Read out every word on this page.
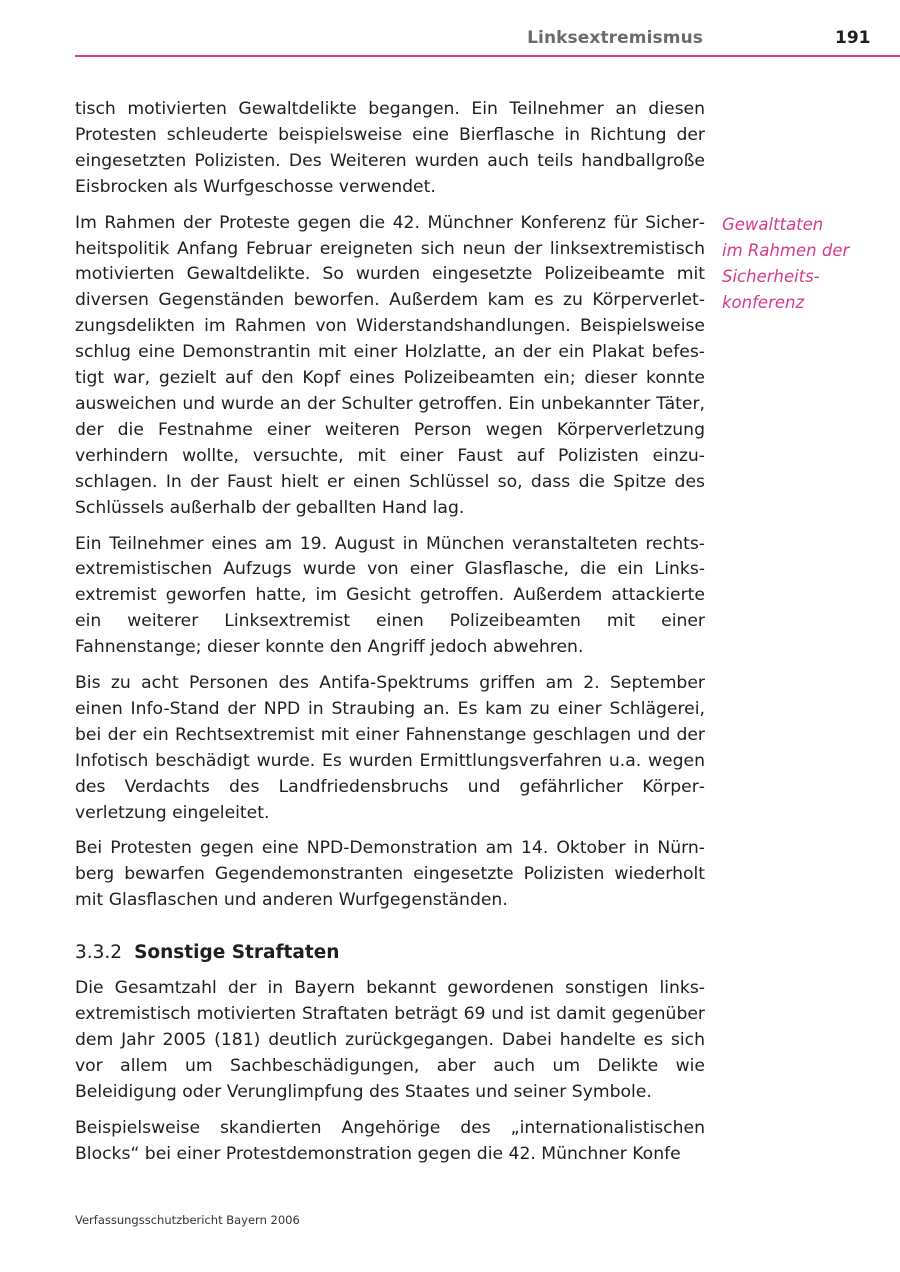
Linksextremismus	191

tisch motivierten Gewaltdelikte begangen. Ein Teilnehmer an diesen Protesten schleuderte beispielsweise eine Bierflasche in Richtung der eingesetzten Polizisten. Des Weiteren wurden auch teils handballgroße Eisbrocken als Wurfgeschosse verwendet.

Im Rahmen der Proteste gegen die 42. Münchner Konferenz für Sicherheitspolitik Anfang Februar ereigneten sich neun der linksextremistisch motivierten Gewaltdelikte. So wurden eingesetzte Polizeibeamte mit diversen Gegenständen beworfen. Außerdem kam es zu Körperverletzungsdelikten im Rahmen von Widerstandshandlungen. Beispielsweise schlug eine Demonstrantin mit einer Holzlatte, an der ein Plakat befestigt war, gezielt auf den Kopf eines Polizeibeamten ein; dieser konnte ausweichen und wurde an der Schulter getroffen. Ein unbekannter Täter, der die Festnahme einer weiteren Person wegen Körperverletzung verhindern wollte, versuchte, mit einer Faust auf Polizisten einzuschlagen. In der Faust hielt er einen Schlüssel so, dass die Spitze des Schlüssels außerhalb der geballten Hand lag.

Ein Teilnehmer eines am 19. August in München veranstalteten rechtsextremistischen Aufzugs wurde von einer Glasflasche, die ein Linksextremist geworfen hatte, im Gesicht getroffen. Außerdem attackierte ein weiterer Linksextremist einen Polizeibeamten mit einer Fahnenstange; dieser konnte den Angriff jedoch abwehren.

Bis zu acht Personen des Antifa-Spektrums griffen am 2. September einen Info-Stand der NPD in Straubing an. Es kam zu einer Schlägerei, bei der ein Rechtsextremist mit einer Fahnenstange geschlagen und der Infotisch beschädigt wurde. Es wurden Ermittlungsverfahren u.a. wegen des Verdachts des Landfriedensbruchs und gefährlicher Körperverletzung eingeleitet.

Bei Protesten gegen eine NPD-Demonstration am 14. Oktober in Nürnberg bewarfen Gegendemonstranten eingesetzte Polizisten wiederholt mit Glasflaschen und anderen Wurfgegenständen.

3.3.2 Sonstige Straftaten

Die Gesamtzahl der in Bayern bekannt gewordenen sonstigen linksextremistisch motivierten Straftaten beträgt 69 und ist damit gegenüber dem Jahr 2005 (181) deutlich zurückgegangen. Dabei handelte es sich vor allem um Sachbeschädigungen, aber auch um Delikte wie Beleidigung oder Verunglimpfung des Staates und seiner Symbole.

Beispielsweise skandierten Angehörige des „internationalistischen Blocks“ bei einer Protestdemonstration gegen die 42. Münchner Konfe

Gewalttaten
im Rahmen der
Sicherheits-
konferenz
Verfassungsschutzbericht Bayern 2006
